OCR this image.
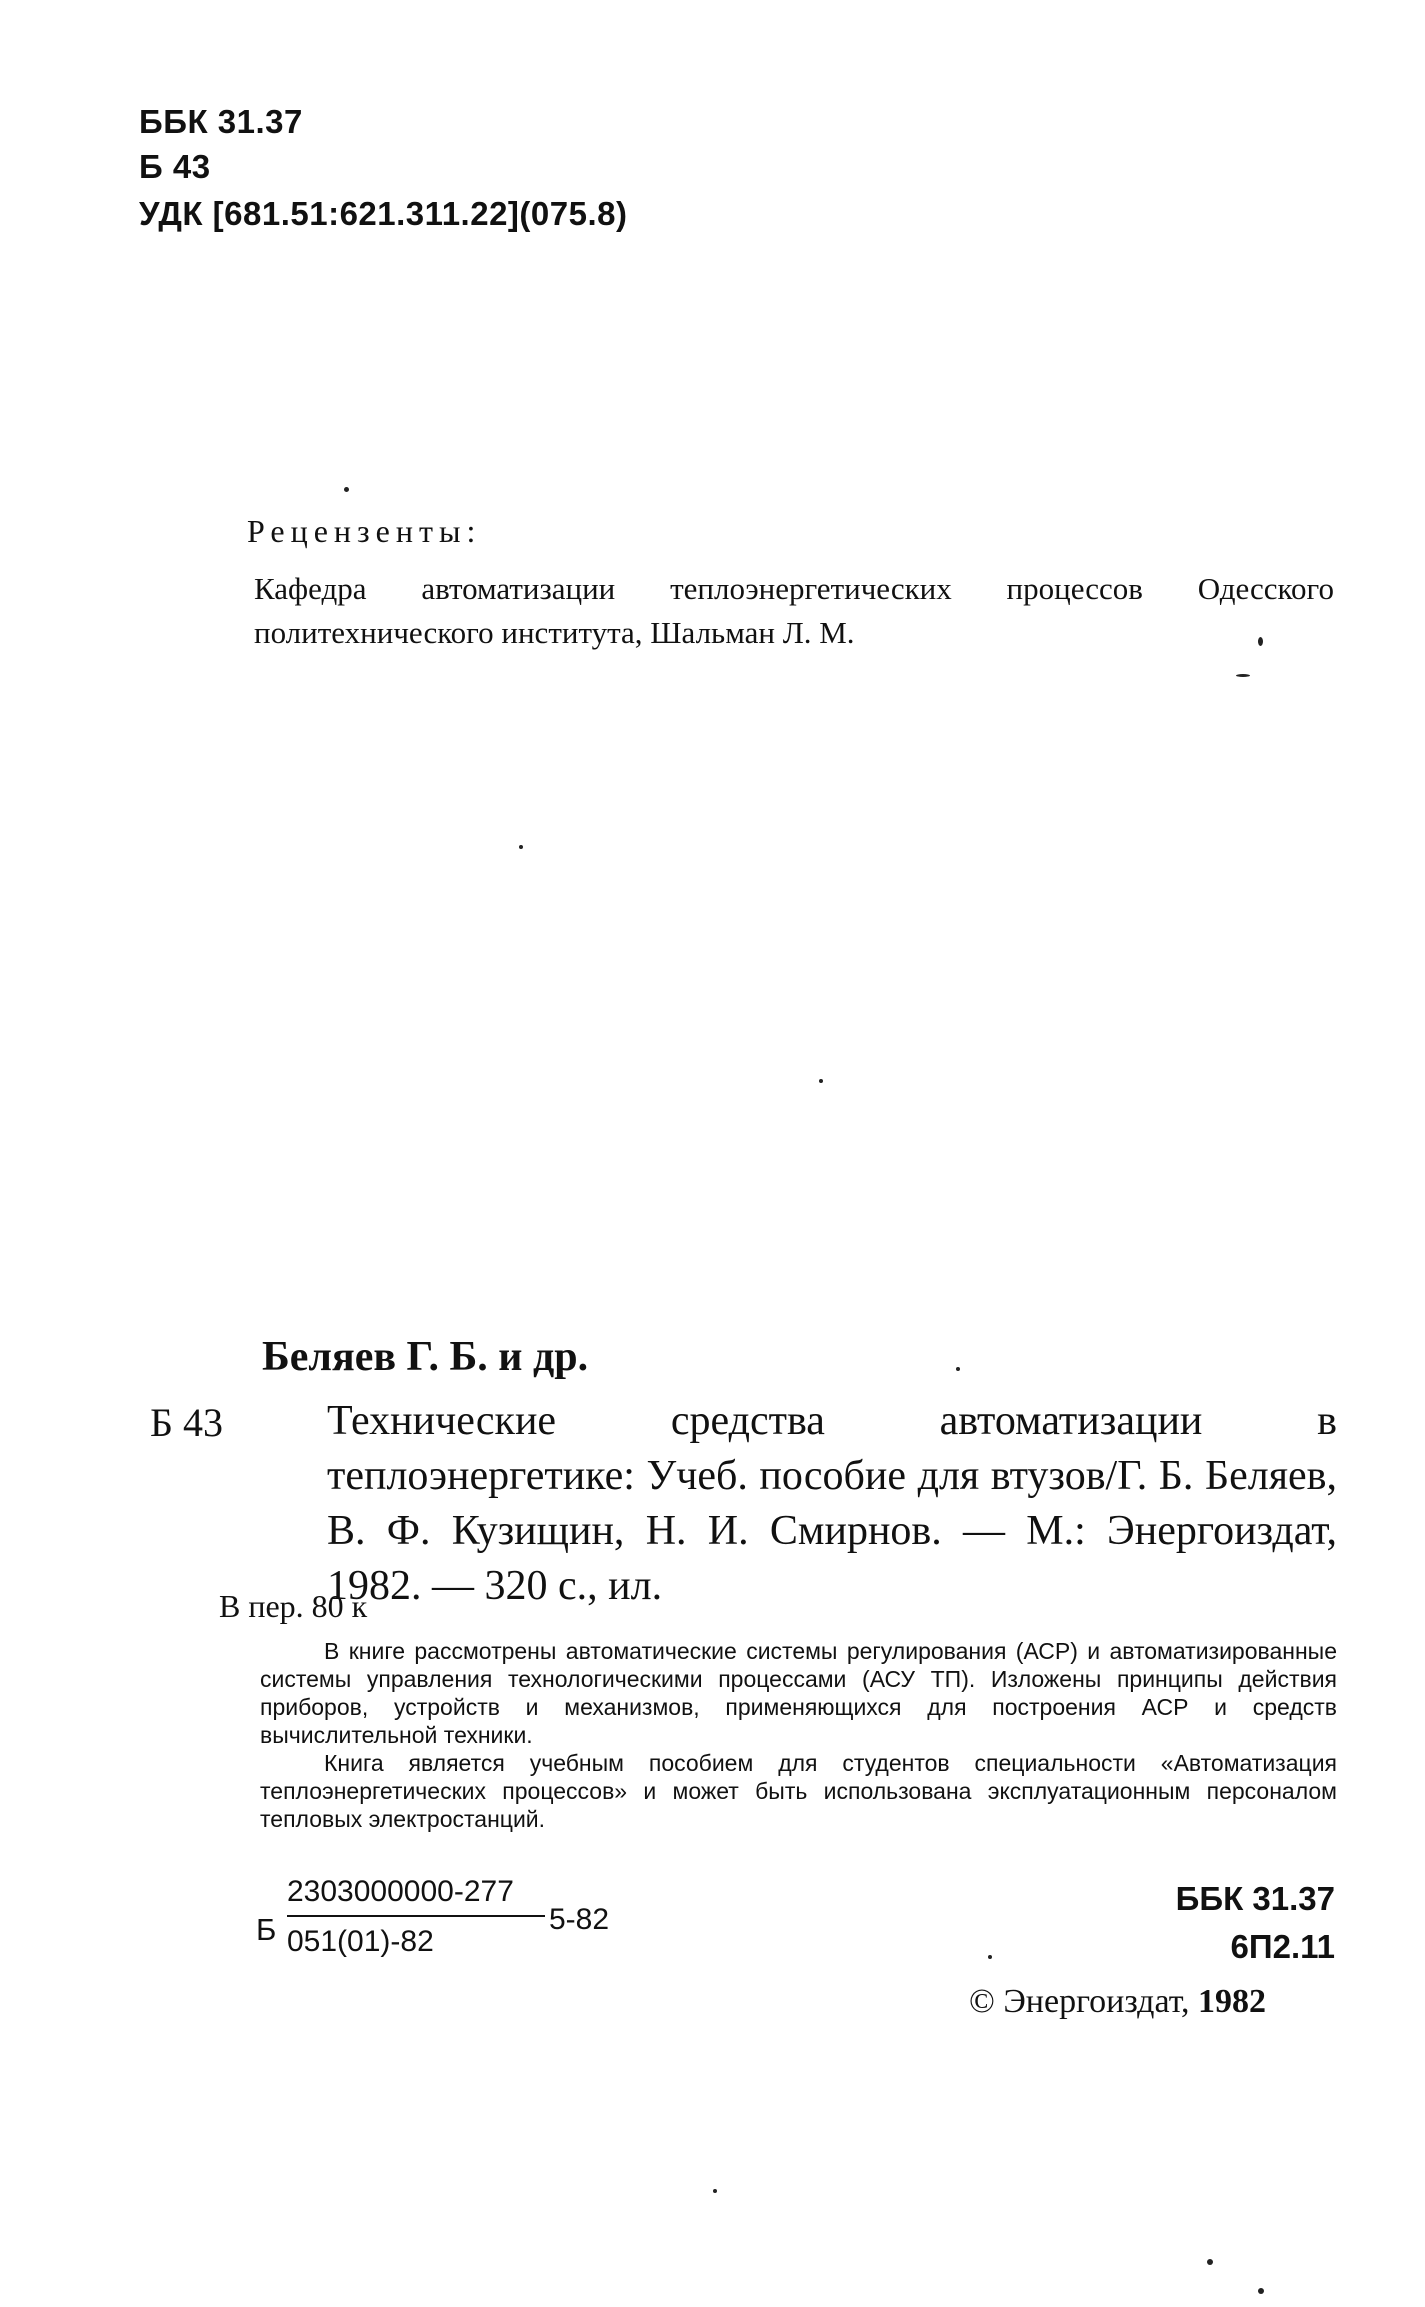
ББК 31.37
Б 43
УДК [681.51:621.311.22](075.8)
Рецензенты:
Кафедра автоматизации теплоэнергетических процессов Одесского политехнического института, Шальман Л. М.
Беляев Г. Б. и др.
Б 43 Технические средства автоматизации в теплоэнергетике: Учеб. пособие для втузов/Г. Б. Беляев, В. Ф. Кузищин, Н. И. Смирнов. — М.: Энергоиздат, 1982. — 320 с., ил.
В пер. 80 к

В книге рассмотрены автоматические системы регулирования (АСР) и автоматизированные системы управления технологическими процессами (АСУ ТП). Изложены принципы действия приборов, устройств и механизмов, применяющихся для построения АСР и средств вычислительной техники.

Книга является учебным пособием для студентов специальности «Автоматизация теплоэнергетических процессов» и может быть использована эксплуатационным персоналом тепловых электростанций.

Б
2303000000-277
051(01)-82
5-82
ББК 31.37
6П2.11
© Энергоиздат, 1982
